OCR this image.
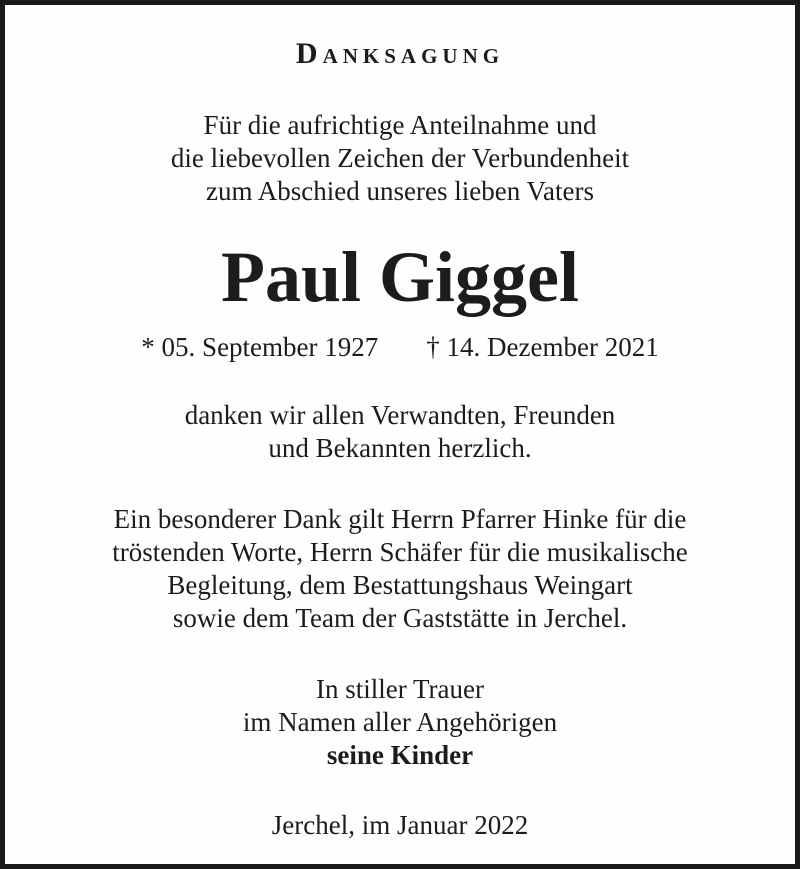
Danksagung
Für die aufrichtige Anteilnahme und
die liebevollen Zeichen der Verbundenheit
zum Abschied unseres lieben Vaters
Paul Giggel
* 05. September 1927 † 14. Dezember 2021
danken wir allen Verwandten, Freunden
und Bekannten herzlich.
Ein besonderer Dank gilt Herrn Pfarrer Hinke für die
tröstenden Worte, Herrn Schäfer für die musikalische
Begleitung, dem Bestattungshaus Weingart
sowie dem Team der Gaststätte in Jerchel.
In stiller Trauer
im Namen aller Angehörigen
seine Kinder
Jerchel, im Januar 2022
